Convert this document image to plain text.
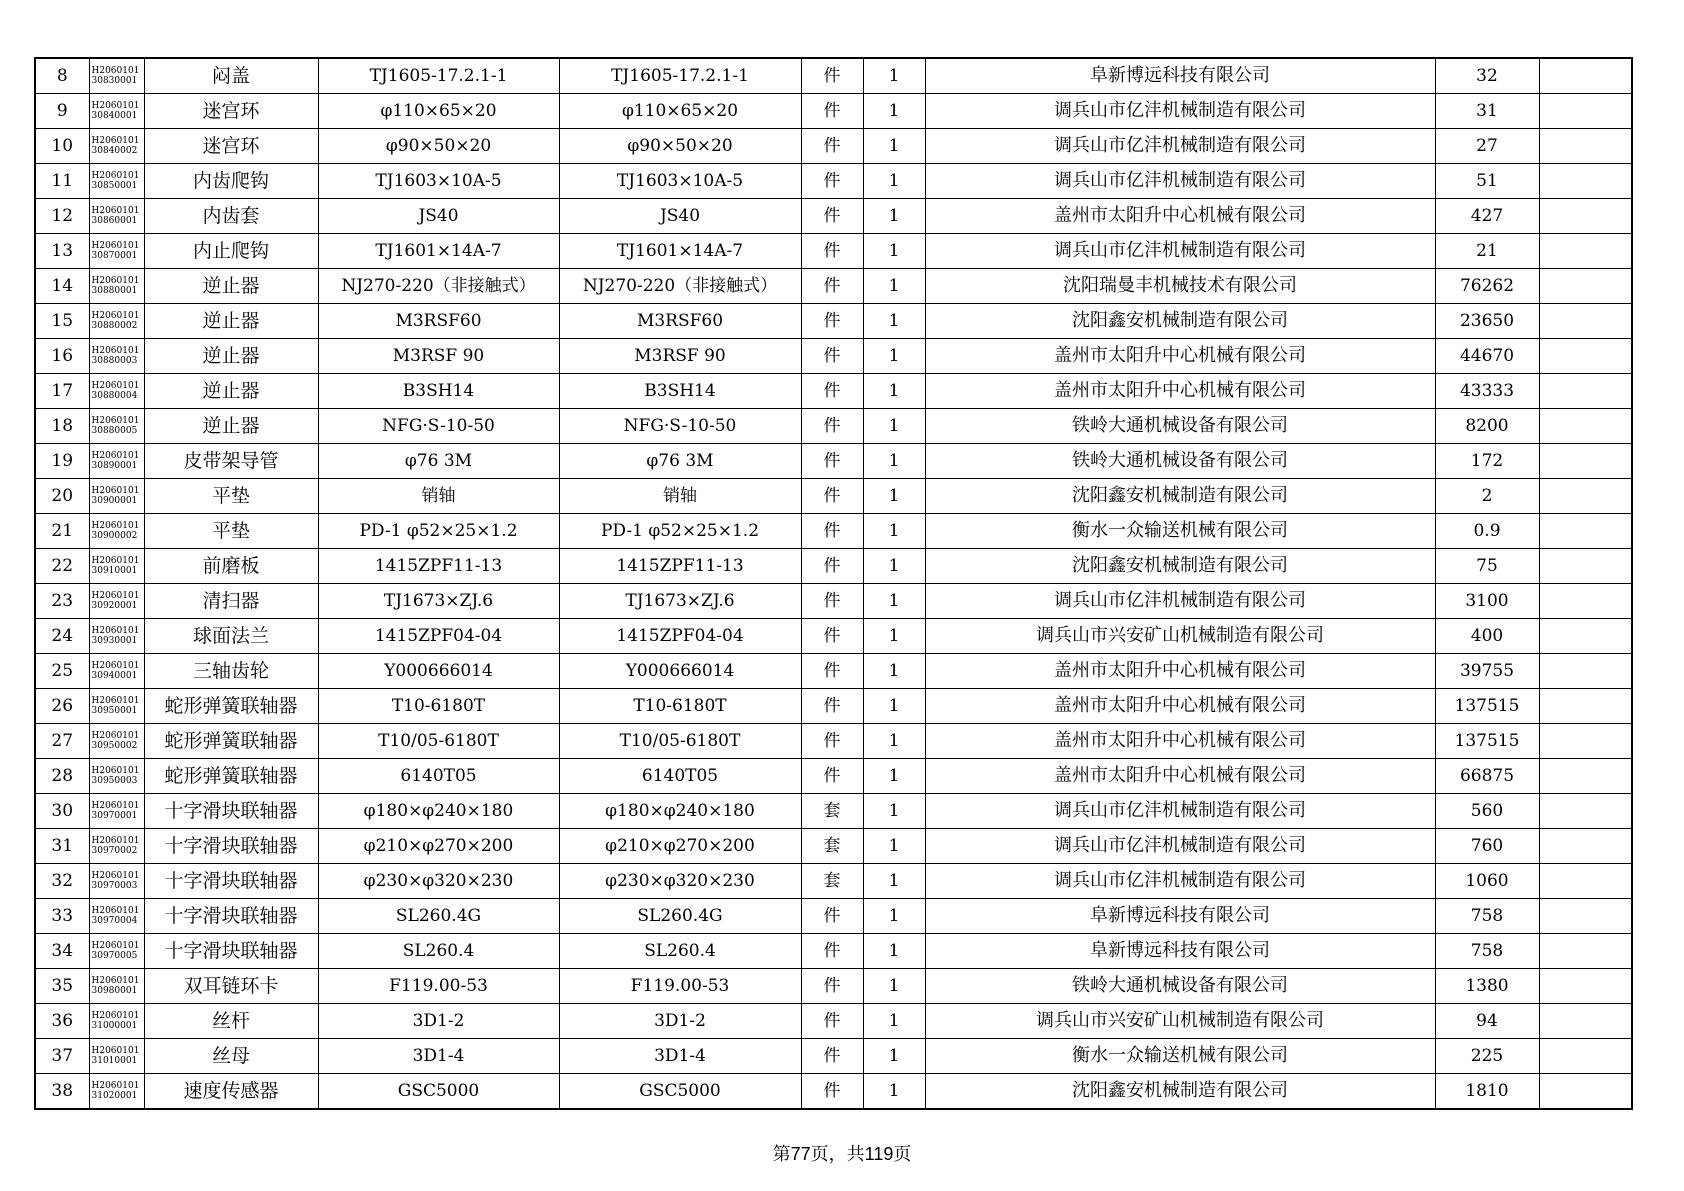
8	H2060101 30830001	闷盖	TJ1605-17.2.1-1	TJ1605-17.2.1-1	件	1	阜新博远科技有限公司	32	
9	H2060101 30840001	迷宫环	φ110×65×20	φ110×65×20	件	1	调兵山市亿沣机械制造有限公司	31	
10	H2060101 30840002	迷宫环	φ90×50×20	φ90×50×20	件	1	调兵山市亿沣机械制造有限公司	27	
11	H2060101 30850001	内齿爬钩	TJ1603×10A-5	TJ1603×10A-5	件	1	调兵山市亿沣机械制造有限公司	51	
12	H2060101 30860001	内齿套	JS40	JS40	件	1	盖州市太阳升中心机械有限公司	427	
13	H2060101 30870001	内止爬钩	TJ1601×14A-7	TJ1601×14A-7	件	1	调兵山市亿沣机械制造有限公司	21	
14	H2060101 30880001	逆止器	NJ270-220（非接触式）	NJ270-220（非接触式）	件	1	沈阳瑞曼丰机械技术有限公司	76262	
15	H2060101 30880002	逆止器	M3RSF60	M3RSF60	件	1	沈阳鑫安机械制造有限公司	23650	
16	H2060101 30880003	逆止器	M3RSF 90	M3RSF 90	件	1	盖州市太阳升中心机械有限公司	44670	
17	H2060101 30880004	逆止器	B3SH14	B3SH14	件	1	盖州市太阳升中心机械有限公司	43333	
18	H2060101 30880005	逆止器	NFG·S-10-50	NFG·S-10-50	件	1	铁岭大通机械设备有限公司	8200	
19	H2060101 30890001	皮带架导管	φ76 3M	φ76 3M	件	1	铁岭大通机械设备有限公司	172	
20	H2060101 30900001	平垫	销轴	销轴	件	1	沈阳鑫安机械制造有限公司	2	
21	H2060101 30900002	平垫	PD-1 φ52×25×1.2	PD-1 φ52×25×1.2	件	1	衡水一众输送机械有限公司	0.9	
22	H2060101 30910001	前磨板	1415ZPF11-13	1415ZPF11-13	件	1	沈阳鑫安机械制造有限公司	75	
23	H2060101 30920001	清扫器	TJ1673×ZJ.6	TJ1673×ZJ.6	件	1	调兵山市亿沣机械制造有限公司	3100	
24	H2060101 30930001	球面法兰	1415ZPF04-04	1415ZPF04-04	件	1	调兵山市兴安矿山机械制造有限公司	400	
25	H2060101 30940001	三轴齿轮	Y000666014	Y000666014	件	1	盖州市太阳升中心机械有限公司	39755	
26	H2060101 30950001	蛇形弹簧联轴器	T10-6180T	T10-6180T	件	1	盖州市太阳升中心机械有限公司	137515	
27	H2060101 30950002	蛇形弹簧联轴器	T10/05-6180T	T10/05-6180T	件	1	盖州市太阳升中心机械有限公司	137515	
28	H2060101 30950003	蛇形弹簧联轴器	6140T05	6140T05	件	1	盖州市太阳升中心机械有限公司	66875	
30	H2060101 30970001	十字滑块联轴器	φ180×φ240×180	φ180×φ240×180	套	1	调兵山市亿沣机械制造有限公司	560	
31	H2060101 30970002	十字滑块联轴器	φ210×φ270×200	φ210×φ270×200	套	1	调兵山市亿沣机械制造有限公司	760	
32	H2060101 30970003	十字滑块联轴器	φ230×φ320×230	φ230×φ320×230	套	1	调兵山市亿沣机械制造有限公司	1060	
33	H2060101 30970004	十字滑块联轴器	SL260.4G	SL260.4G	件	1	阜新博远科技有限公司	758	
34	H2060101 30970005	十字滑块联轴器	SL260.4	SL260.4	件	1	阜新博远科技有限公司	758	
35	H2060101 30980001	双耳链环卡	F119.00-53	F119.00-53	件	1	铁岭大通机械设备有限公司	1380	
36	H2060101 31000001	丝杆	3D1-2	3D1-2	件	1	调兵山市兴安矿山机械制造有限公司	94	
37	H2060101 31010001	丝母	3D1-4	3D1-4	件	1	衡水一众输送机械有限公司	225	
38	H2060101 31020001	速度传感器	GSC5000	GSC5000	件	1	沈阳鑫安机械制造有限公司	1810	
第77页，共119页
